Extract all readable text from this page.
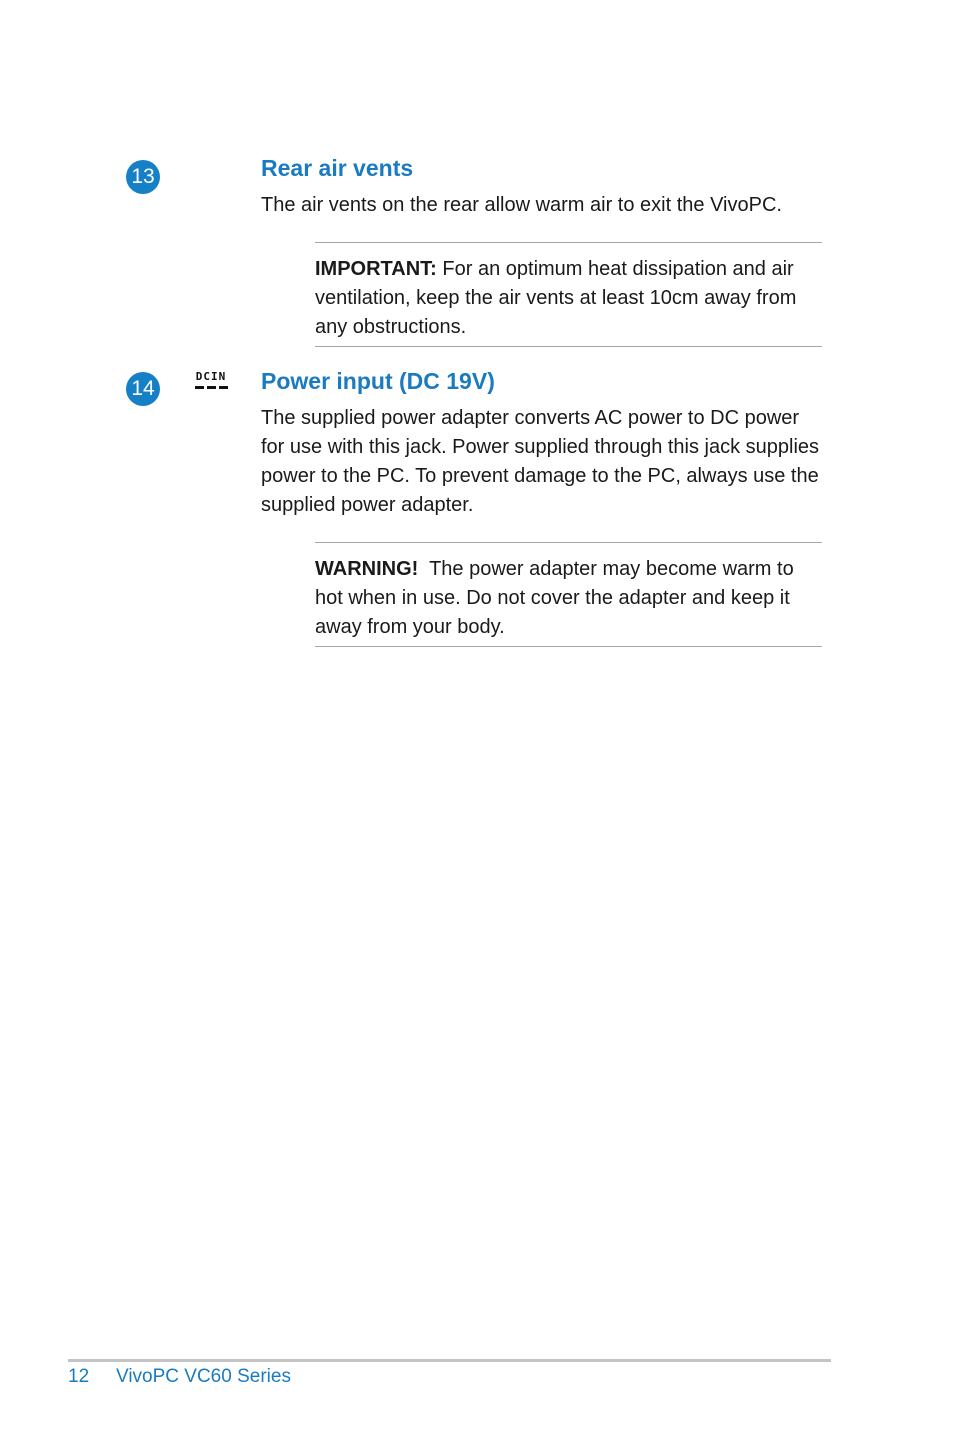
13	Rear air vents

The air vents on the rear allow warm air to exit the VivoPC.

IMPORTANT: For an optimum heat dissipation and air ventilation, keep the air vents at least 10cm away from any obstructions.

14
DCIN Power input (DC 19V)

The supplied power adapter converts AC power to DC power for use with this jack. Power supplied through this jack supplies power to the PC. To prevent damage to the PC, always use the supplied power adapter.

WARNING!  The power adapter may become warm to hot when in use. Do not cover the adapter and keep it away from your body.

12 VivoPC VC60 Series
